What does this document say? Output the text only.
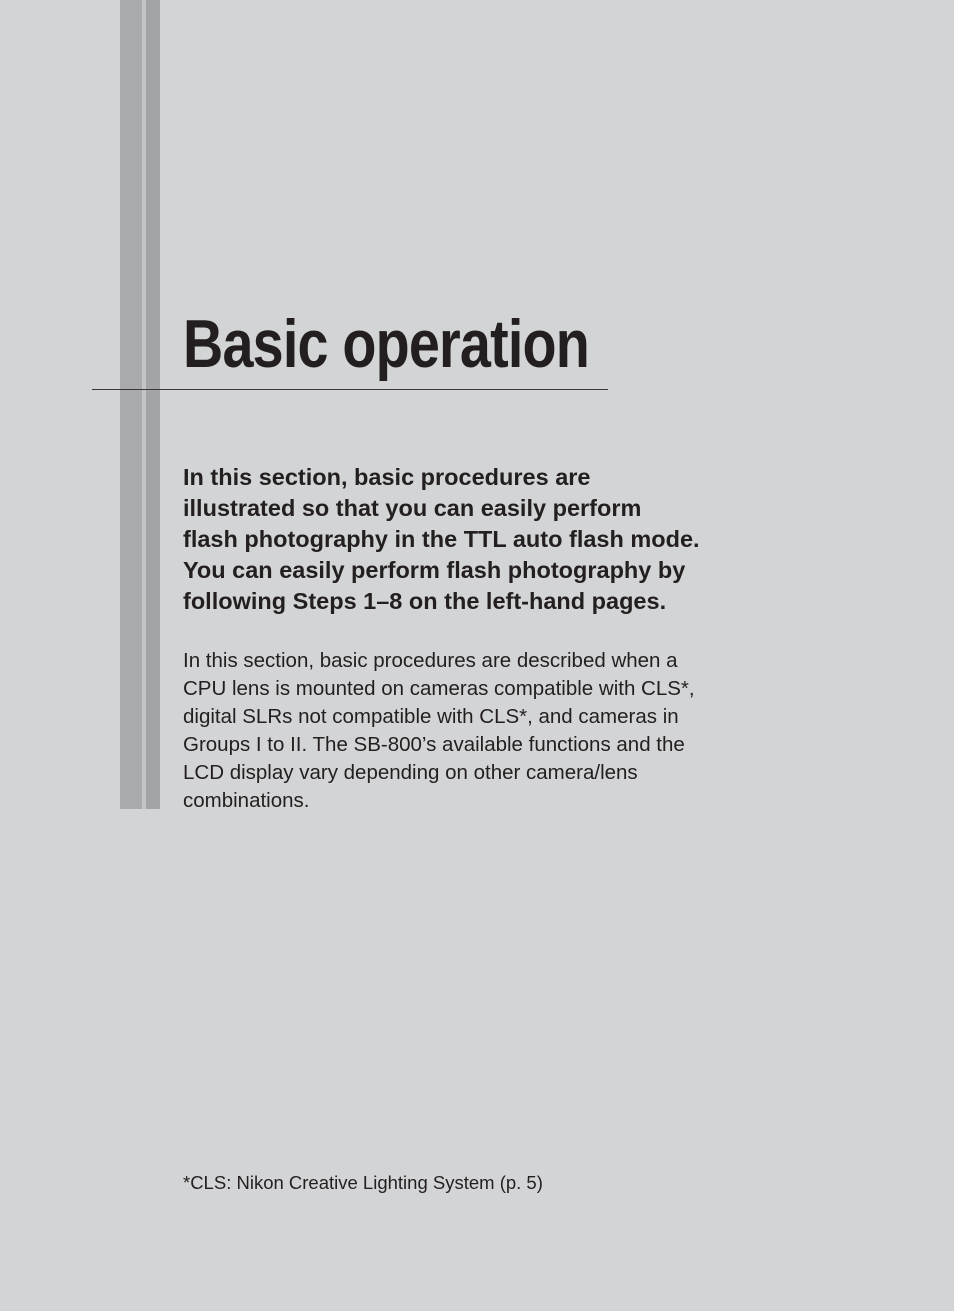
Basic operation

In this section, basic procedures are
illustrated so that you can easily perform
flash photography in the TTL auto flash mode.
You can easily perform flash photography by
following Steps 1–8 on the left-hand pages.

In this section, basic procedures are described when a
CPU lens is mounted on cameras compatible with CLS*,
digital SLRs not compatible with CLS*, and cameras in
Groups I to II. The SB-800’s available functions and the
LCD display vary depending on other camera/lens
combinations.

*CLS: Nikon Creative Lighting System (p. 5)
